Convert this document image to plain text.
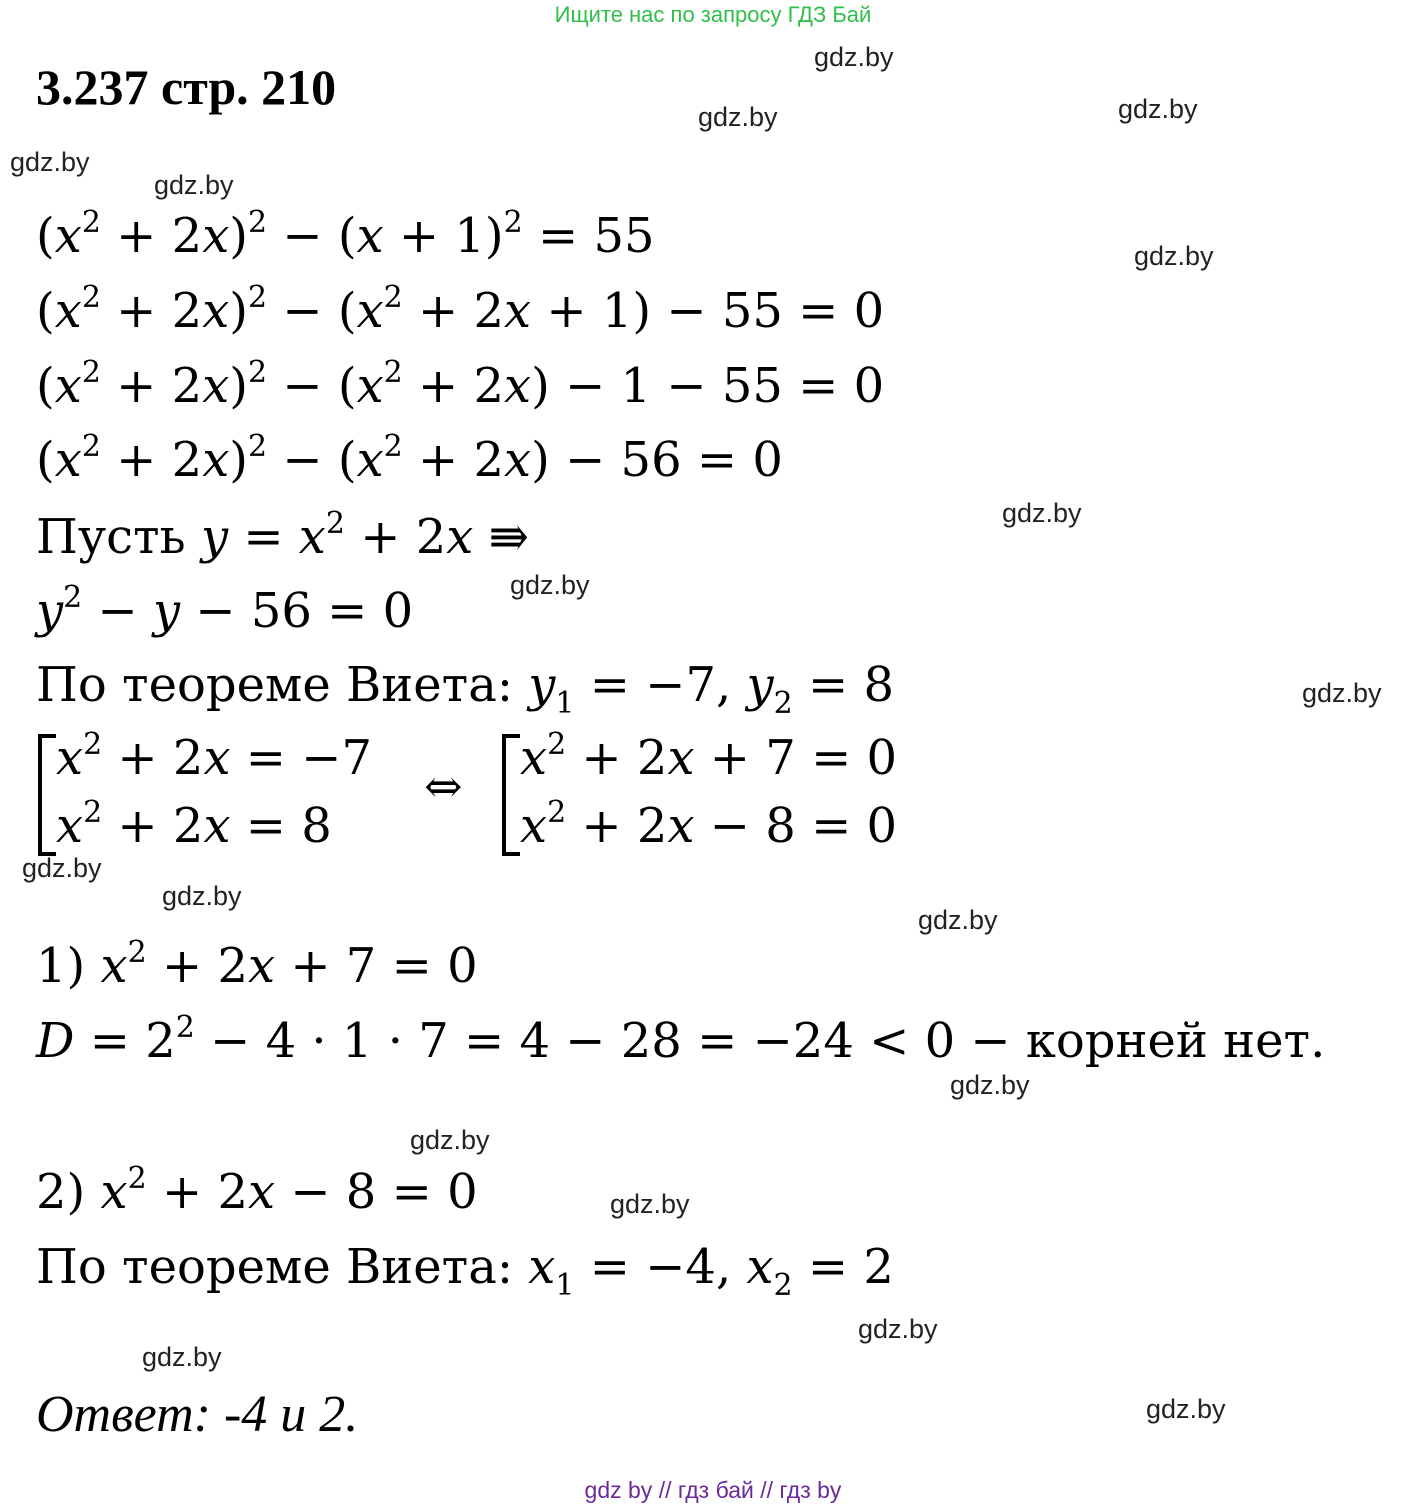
Ищите нас по запросу ГДЗ Бай
3.237 стр. 210
gdz.by
gdz.by	gdz.by
gdz.by
gdz.by
gdz.by
gdz.by
gdz.by
gdz.by
gdz.by
gdz.by
gdz.by
gdz.by
gdz.by
gdz.by
gdz.by
gdz.by
gdz.by
$(x^2 + 2x)^2 - (x + 1)^2 = 55$
$(x^2 + 2x)^2 - (x^2 + 2x + 1) - 55 = 0$
$(x^2 + 2x)^2 - (x^2 + 2x) - 1 - 55 = 0$
$(x^2 + 2x)^2 - (x^2 + 2x) - 56 = 0$
Пусть $y = x^2 + 2x$ ⇛
$y^2 - y - 56 = 0$
По теореме Виета: $y_1 = -7$, $y_2 = 8$
$x^2 + 2x = -7$
$x^2 + 2x = 8$
⇔ $x^2 + 2x + 7 = 0$
$x^2 + 2x - 8 = 0$
1) $x^2 + 2x + 7 = 0$
$D = 2^2 - 4 \cdot 1 \cdot 7 = 4 - 28 = -24 < 0$ − корней нет.
2) $x^2 + 2x - 8 = 0$
По теореме Виета: $x_1 = -4$, $x_2 = 2$
Ответ: -4 и 2.
gdz by // гдз бай // гдз by
